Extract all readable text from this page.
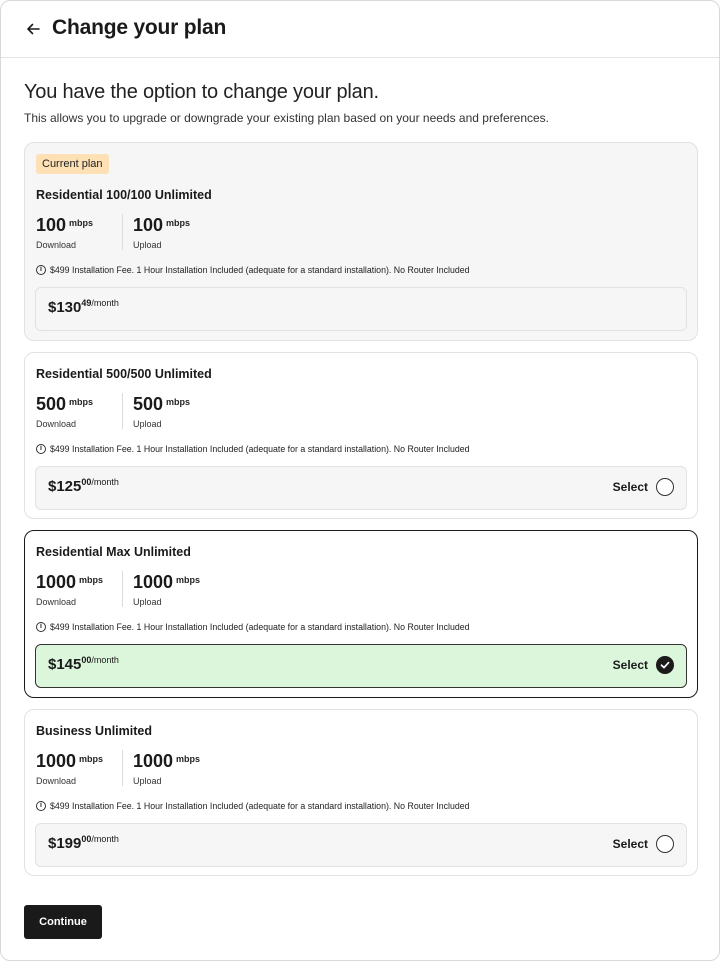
Change your plan
You have the option to change your plan.
This allows you to upgrade or downgrade your existing plan based on your needs and preferences.
Current plan
Residential 100/100 Unlimited
100 $^{mbps}$
Download
100 $^{mbps}$
Upload
i $499 Installation Fee. 1 Hour Installation Included (adequate for a standard installation). No Router Included
$\$130^{49/month}$
Residential 500/500 Unlimited
500 $^{mbps}$
Download
500 $^{mbps}$
Upload
i $499 Installation Fee. 1 Hour Installation Included (adequate for a standard installation). No Router Included
$\$125^{00/month}$	Select
Residential Max Unlimited
1000 $^{mbps}$
Download
1000 $^{mbps}$
Upload
i $499 Installation Fee. 1 Hour Installation Included (adequate for a standard installation). No Router Included
$\$145^{00/month}$	Select
Business Unlimited
1000 $^{mbps}$
Download
1000 $^{mbps}$
Upload
i $499 Installation Fee. 1 Hour Installation Included (adequate for a standard installation). No Router Included
$\$199^{00/month}$	Select
Continue
